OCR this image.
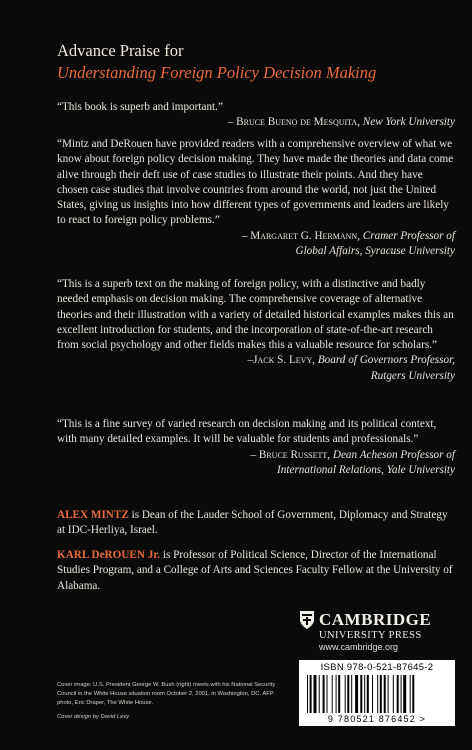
Advance Praise for
Understanding Foreign Policy Decision Making

“This book is superb and important.”

– Bruce Bueno de Mesquita, New York University

“Mintz and DeRouen have provided readers with a comprehensive overview of what we know about foreign policy decision making. They have made the theories and data come alive through their deft use of case studies to illustrate their points. And they have chosen case studies that involve countries from around the world, not just the United States, giving us insights into how different types of governments and leaders are likely to react to foreign policy problems.”

– Margaret G. Hermann, Cramer Professor of
Global Affairs, Syracuse University

“This is a superb text on the making of foreign policy, with a distinctive and badly needed emphasis on decision making. The comprehensive coverage of alternative theories and their illustration with a variety of detailed historical examples makes this an excellent introduction for students, and the incorporation of state-of-the-art research from social psychology and other fields makes this a valuable resource for scholars.”

–Jack S. Levy, Board of Governors Professor,
Rutgers University

“This is a fine survey of varied research on decision making and its political context, with many detailed examples. It will be valuable for students and professionals.”

– Bruce Russett, Dean Acheson Professor of
International Relations, Yale University
ALEX MINTZ is Dean of the Lauder School of Government, Diplomacy and Strategy at IDC-Herliya, Israel.
KARL DeROUEN Jr. is Professor of Political Science, Director of the International Studies Program, and a College of Arts and Sciences Faculty Fellow at the University of Alabama.
CAMBRIDGE
UNIVERSITY PRESS
www.cambridge.org
ISBN 978-0-521-87645-2
9 780521 876452 >
Cover image: U.S. President George W. Bush (right) meets with his National Security Council in the White House situation room October 2, 2001, in Washington, DC. AFP photo, Eric Draper, The White House.
Cover design by David Levy
